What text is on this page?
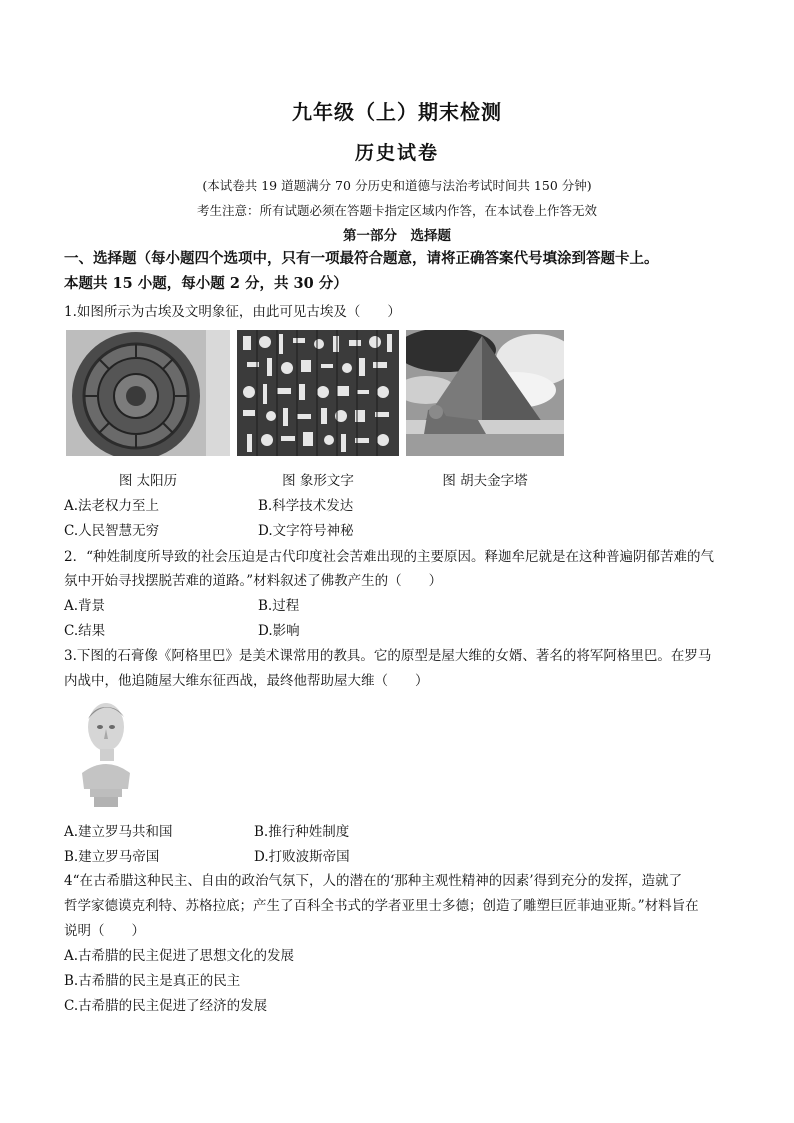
九年级（上）期末检测
历史试卷
(本试卷共 19 道题满分 70 分历史和道德与法治考试时间共 150 分钟)
考生注意：所有试题必须在答题卡指定区域内作答，在本试卷上作答无效
第一部分　选择题
一、选择题（每小题四个选项中，只有一项最符合题意，请将正确答案代号填涂到答题卡上。
本题共 15 小题，每小题 2 分，共 30 分）
1.如图所示为古埃及文明象征，由此可见古埃及（　　）
图 太阳历	图 象形文字	图 胡夫金字塔
A.法老权力至上	B.科学技术发达
C.人民智慧无穷	D.文字符号神秘
2．“种姓制度所导致的社会压迫是古代印度社会苦难出现的主要原因。释迦牟尼就是在这种普遍阴郁苦难的气
氛中开始寻找摆脱苦难的道路。”材料叙述了佛教产生的（　　）
A.背景	B.过程
C.结果	D.影响
3.下图的石膏像《阿格里巴》是美术课常用的教具。它的原型是屋大维的女婿、著名的将军阿格里巴。在罗马
内战中，他追随屋大维东征西战，最终他帮助屋大维（　　）
A.建立罗马共和国	B.推行种姓制度
B.建立罗马帝国	D.打败波斯帝国
4“在古希腊这种民主、自由的政治气氛下，人的潜在的‘那种主观性精神的因素’得到充分的发挥，造就了
哲学家德谟克利特、苏格拉底；产生了百科全书式的学者亚里士多德；创造了雕塑巨匠菲迪亚斯。”材料旨在
说明（　　）
A.古希腊的民主促进了思想文化的发展
B.古希腊的民主是真正的民主
C.古希腊的民主促进了经济的发展
